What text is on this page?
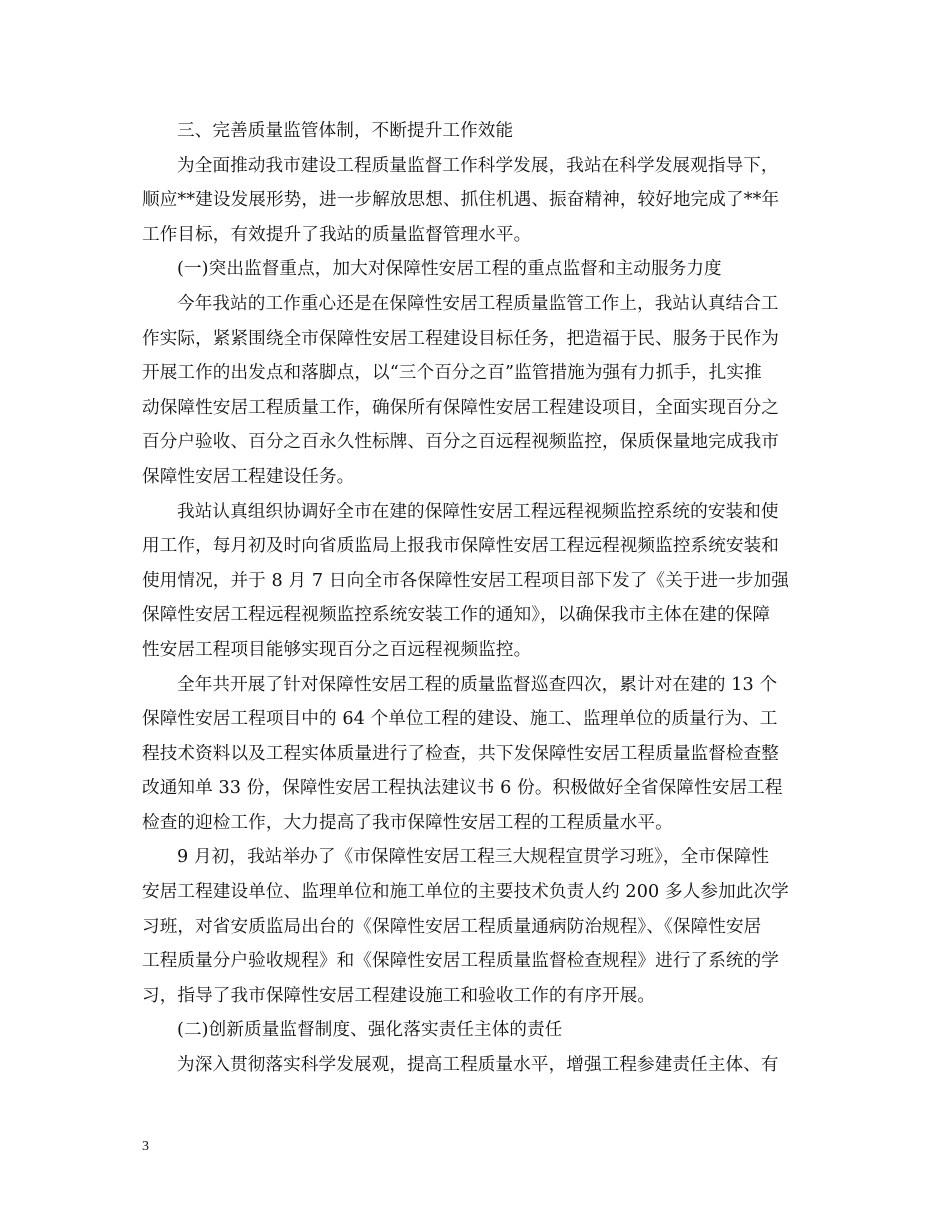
三、完善质量监管体制，不断提升工作效能
为全面推动我市建设工程质量监督工作科学发展，我站在科学发展观指导下，
顺应**建设发展形势，进一步解放思想、抓住机遇、振奋精神，较好地完成了**年
工作目标，有效提升了我站的质量监督管理水平。
(一)突出监督重点，加大对保障性安居工程的重点监督和主动服务力度
今年我站的工作重心还是在保障性安居工程质量监管工作上，我站认真结合工
作实际，紧紧围绕全市保障性安居工程建设目标任务，把造福于民、服务于民作为
开展工作的出发点和落脚点，以“三个百分之百”监管措施为强有力抓手，扎实推
动保障性安居工程质量工作，确保所有保障性安居工程建设项目，全面实现百分之
百分户验收、百分之百永久性标牌、百分之百远程视频监控，保质保量地完成我市
保障性安居工程建设任务。
我站认真组织协调好全市在建的保障性安居工程远程视频监控系统的安装和使
用工作，每月初及时向省质监局上报我市保障性安居工程远程视频监控系统安装和
使用情况，并于 8 月 7 日向全市各保障性安居工程项目部下发了《关于进一步加强
保障性安居工程远程视频监控系统安装工作的通知》，以确保我市主体在建的保障
性安居工程项目能够实现百分之百远程视频监控。
全年共开展了针对保障性安居工程的质量监督巡查四次，累计对在建的 13 个
保障性安居工程项目中的 64 个单位工程的建设、施工、监理单位的质量行为、工
程技术资料以及工程实体质量进行了检查，共下发保障性安居工程质量监督检查整
改通知单 33 份，保障性安居工程执法建议书 6 份。积极做好全省保障性安居工程
检查的迎检工作，大力提高了我市保障性安居工程的工程质量水平。
9 月初，我站举办了《市保障性安居工程三大规程宣贯学习班》，全市保障性
安居工程建设单位、监理单位和施工单位的主要技术负责人约 200 多人参加此次学
习班，对省安质监局出台的《保障性安居工程质量通病防治规程》、《保障性安居
工程质量分户验收规程》和《保障性安居工程质量监督检查规程》进行了系统的学
习，指导了我市保障性安居工程建设施工和验收工作的有序开展。
(二)创新质量监督制度、强化落实责任主体的责任
为深入贯彻落实科学发展观，提高工程质量水平，增强工程参建责任主体、有
3
